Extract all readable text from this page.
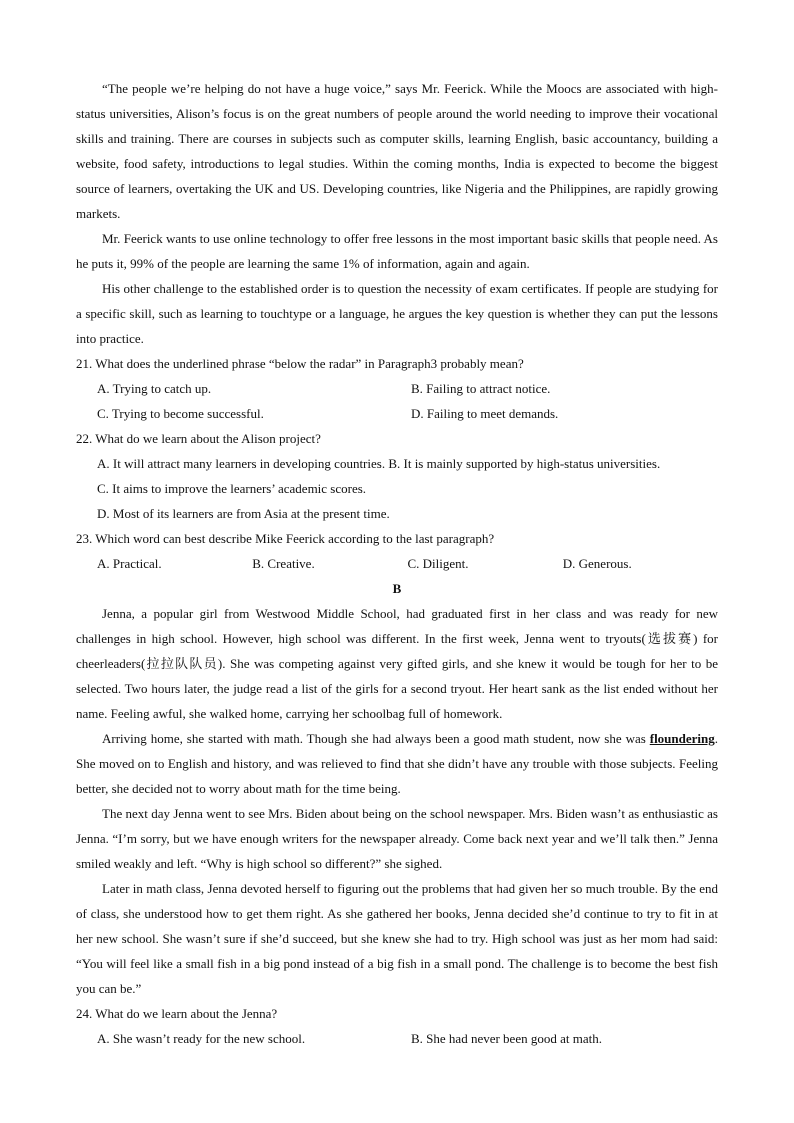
“The people we’re helping do not have a huge voice,” says Mr. Feerick. While the Moocs are associated with high-status universities, Alison’s focus is on the great numbers of people around the world needing to improve their vocational skills and training. There are courses in subjects such as computer skills, learning English, basic accountancy, building a website, food safety, introductions to legal studies. Within the coming months, India is expected to become the biggest source of learners, overtaking the UK and US. Developing countries, like Nigeria and the Philippines, are rapidly growing markets.

Mr. Feerick wants to use online technology to offer free lessons in the most important basic skills that people need. As he puts it, 99% of the people are learning the same 1% of information, again and again.

His other challenge to the established order is to question the necessity of exam certificates. If people are studying for a specific skill, such as learning to touchtype or a language, he argues the key question is whether they can put the lessons into practice.

21. What does the underlined phrase “below the radar” in Paragraph3 probably mean?

A. Trying to catch up.	B. Failing to attract notice.
C. Trying to become successful.	D. Failing to meet demands.

22. What do we learn about the Alison project?

A. It will attract many learners in developing countries. B. It is mainly supported by high-status universities.

C. It aims to improve the learners’ academic scores.

D. Most of its learners are from Asia at the present time.

23. Which word can best describe Mike Feerick according to the last paragraph?

A. Practical.	B. Creative.	C. Diligent.	D. Generous.

B

Jenna, a popular girl from Westwood Middle School, had graduated first in her class and was ready for new challenges in high school. However, high school was different. In the first week, Jenna went to tryouts(选拔赛) for cheerleaders(拉拉队队员). She was competing against very gifted girls, and she knew it would be tough for her to be selected. Two hours later, the judge read a list of the girls for a second tryout. Her heart sank as the list ended without her name. Feeling awful, she walked home, carrying her schoolbag full of homework.

Arriving home, she started with math. Though she had always been a good math student, now she was floundering. She moved on to English and history, and was relieved to find that she didn’t have any trouble with those subjects. Feeling better, she decided not to worry about math for the time being.

The next day Jenna went to see Mrs. Biden about being on the school newspaper. Mrs. Biden wasn’t as enthusiastic as Jenna. “I’m sorry, but we have enough writers for the newspaper already. Come back next year and we’ll talk then.” Jenna smiled weakly and left. “Why is high school so different?” she sighed.

Later in math class, Jenna devoted herself to figuring out the problems that had given her so much trouble. By the end of class, she understood how to get them right. As she gathered her books, Jenna decided she’d continue to try to fit in at her new school. She wasn’t sure if she’d succeed, but she knew she had to try. High school was just as her mom had said: “You will feel like a small fish in a big pond instead of a big fish in a small pond. The challenge is to become the best fish you can be.”

24. What do we learn about the Jenna?

A. She wasn’t ready for the new school.	B. She had never been good at math.
